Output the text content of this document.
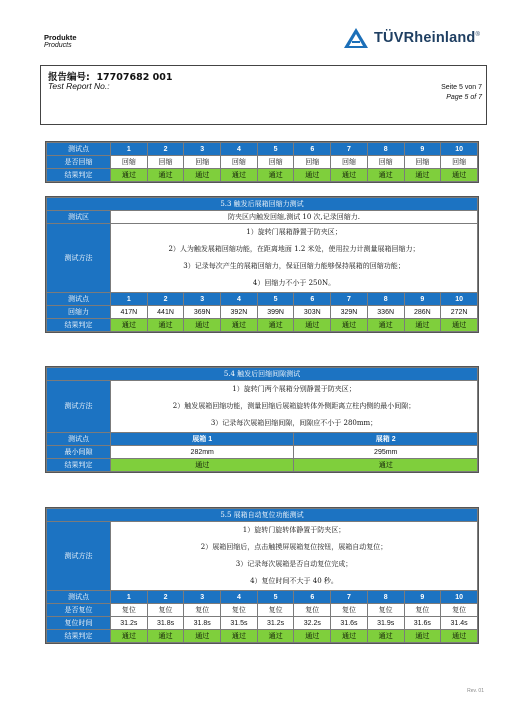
Produkte
Products	TÜVRheinland®
报告编号: 17707682 001
Test Report No.:	Seite 5 von 7
Page 5 of 7
测试点	1	2	3	4	5	6	7	8	9	10
是否回缩	回缩	回缩	回缩	回缩	回缩	回缩	回缩	回缩	回缩	回缩
结果判定	通过	通过	通过	通过	通过	通过	通过	通过	通过	通过
5.3 触发后展箱回缩力测试										
测试区	防夹区内触发回缩,测试 10 次,记录回缩力.									
测试方法	1）旋转门展箱静置于防夹区；
2）人为触发展箱回缩功能，在距离地面 1.2 米处，使用拉力计测量展箱回缩力；
3）记录每次产生的展箱回缩力，保证回缩力能够保持展箱的回缩功能；
4）回缩力不小于 250N。									

测试点	1	2	3	4	5	6	7	8	9	10
回缩力	417N	441N	369N	392N	399N	303N	329N	336N	286N	272N
结果判定	通过	通过	通过	通过	通过	通过	通过	通过	通过	通过
5.4 触发后回缩间隙测试		
测试方法	1）旋转门两个展箱分别静置于防夹区；
2）触发展箱回缩功能，测量回缩后展箱旋转体外侧距离立柱内侧的最小间隙；
3）记录每次展箱回缩间隙，间隙应不小于 280mm；	

测试点	展箱 1	展箱 2
最小间隙	282mm	295mm
结果判定	通过	通过
5.5 展箱自动复位功能测试										
测试方法	1）旋转门旋转体静置于防夹区；
2）展箱回缩后，点击触摸屏展箱复位按钮，展箱自动复位；
3）记录每次展箱是否自动复位完成；
4）复位时间不大于 40 秒。									

测试点	1	2	3	4	5	6	7	8	9	10
是否复位	复位	复位	复位	复位	复位	复位	复位	复位	复位	复位
复位时间	31.2s	31.8s	31.8s	31.5s	31.2s	32.2s	31.6s	31.9s	31.6s	31.4s
结果判定	通过	通过	通过	通过	通过	通过	通过	通过	通过	通过
Rev. 01
